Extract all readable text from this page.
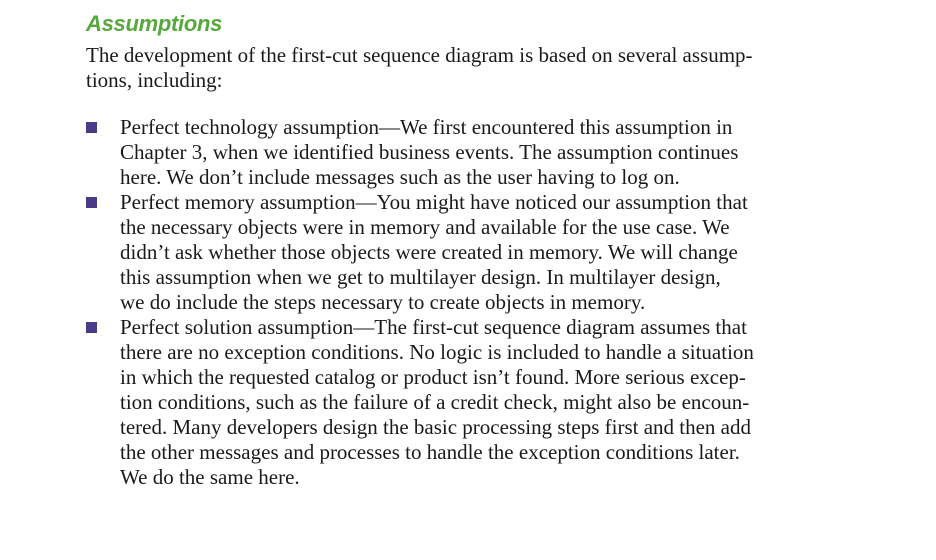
Assumptions

The development of the first-cut sequence diagram is based on several assump-
tions, including:

Perfect technology assumption—We first encountered this assumption in
Chapter 3, when we identified business events. The assumption continues
here. We don’t include messages such as the user having to log on.
Perfect memory assumption—You might have noticed our assumption that
the necessary objects were in memory and available for the use case. We
didn’t ask whether those objects were created in memory. We will change
this assumption when we get to multilayer design. In multilayer design,
we do include the steps necessary to create objects in memory.
Perfect solution assumption—The first-cut sequence diagram assumes that
there are no exception conditions. No logic is included to handle a situation
in which the requested catalog or product isn’t found. More serious excep-
tion conditions, such as the failure of a credit check, might also be encoun-
tered. Many developers design the basic processing steps first and then add
the other messages and processes to handle the exception conditions later.
We do the same here.
